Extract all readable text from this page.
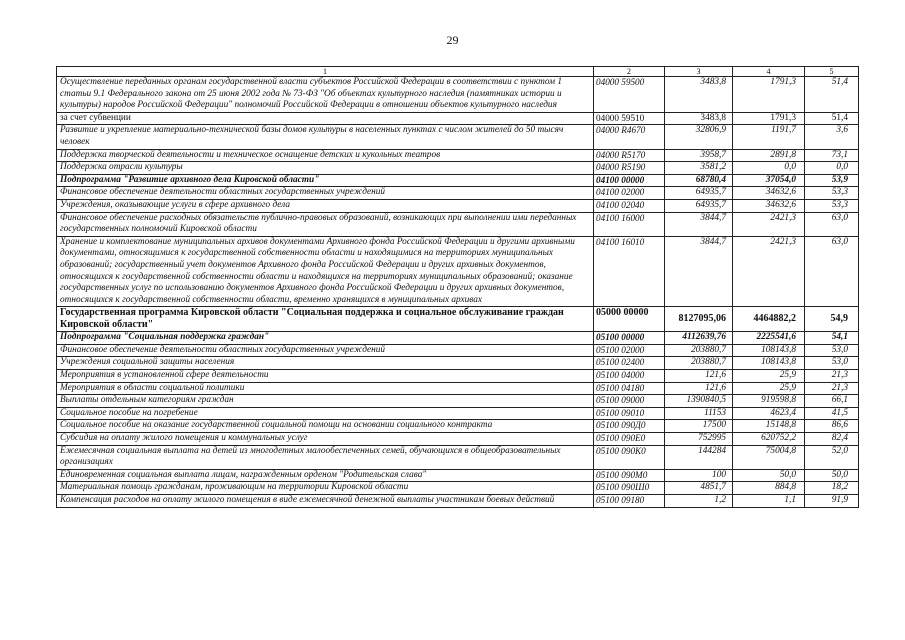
29
1	2	3	4	5
Осуществление переданных органам государственной власти субъектов Российской Федерации в соответствии с пунктом 1 статьи 9.1 Федерального закона от 25 июня 2002 года № 73-ФЗ "Об объектах культурного наследия (памятниках истории и культуры) народов Российской Федерации" полномочий Российской Федерации в отношении объектов культурного наследия	04000 59500	3483,8	1791,3	51,4
за счет субвенции	04000 59510	3483,8	1791,3	51,4
Развитие и укрепление материально-технической базы домов культуры в населенных пунктах с числом жителей до 50 тысяч человек	04000 R4670	32806,9	1191,7	3,6
Поддержка творческой деятельности и техническое оснащение детских и кукольных театров	04000 R5170	3958,7	2891,8	73,1
Поддержка отрасли культуры	04000 R5190	3581,2	0,0	0,0
Подпрограмма "Развитие архивного дела Кировской области"	04100 00000	68780,4	37054,0	53,9
Финансовое обеспечение деятельности областных государственных учреждений	04100 02000	64935,7	34632,6	53,3
Учреждения, оказывающие услуги в сфере архивного дела	04100 02040	64935,7	34632,6	53,3
Финансовое обеспечение расходных обязательств публично-правовых образований, возникающих при выполнении ими переданных государственных полномочий Кировской области	04100 16000	3844,7	2421,3	63,0
Хранение и комплектование муниципальных архивов документами Архивного фонда Российской Федерации и другими архивными документами, относящимися к государственной собственности области и находящимися на территориях муниципальных образований; государственный учет документов Архивного фонда Российской Федерации и других архивных документов, относящихся к государственной собственности области и находящихся на территориях муниципальных образований; оказание государственных услуг по использованию документов Архивного фонда Российской Федерации и других архивных документов, относящихся к государственной собственности области, временно хранящихся в муниципальных архивах	04100 16010	3844,7	2421,3	63,0
Государственная программа Кировской области "Социальная поддержка и социальное обслуживание граждан Кировской области"	05000 00000	8127095,06	4464882,2	54,9
Подпрограмма "Социальная поддержка граждан"	05100 00000	4112639,76	2225541,6	54,1
Финансовое обеспечение деятельности областных государственных учреждений	05100 02000	203880,7	108143,8	53,0
Учреждения социальной защиты населения	05100 02400	203880,7	108143,8	53,0
Мероприятия в установленной сфере деятельности	05100 04000	121,6	25,9	21,3
Мероприятия в области социальной политики	05100 04180	121,6	25,9	21,3
Выплаты отдельным категориям граждан	05100 09000	1390840,5	919598,8	66,1
Социальное пособие на погребение	05100 09010	11153	4623,4	41,5
Социальное пособие на оказание государственной социальной помощи на основании социального контракта	05100 090Д0	17500	15148,8	86,6
Субсидия на оплату жилого помещения и коммунальных услуг	05100 090Е0	752995	620752,2	82,4
Ежемесячная социальная выплата на детей из многодетных малообеспеченных семей, обучающихся в общеобразовательных организациях	05100 090К0	144284	75004,8	52,0
Единовременная социальная выплата лицам, награжденным орденом "Родительская слава"	05100 090М0	100	50,0	50,0
Материальная помощь гражданам, проживающим на территории Кировской области	05100 090Ш0	4851,7	884,8	18,2
Компенсация расходов на оплату жилого помещения в виде ежемесячной денежной выплаты участникам боевых действий	05100 09180	1,2	1,1	91,9
